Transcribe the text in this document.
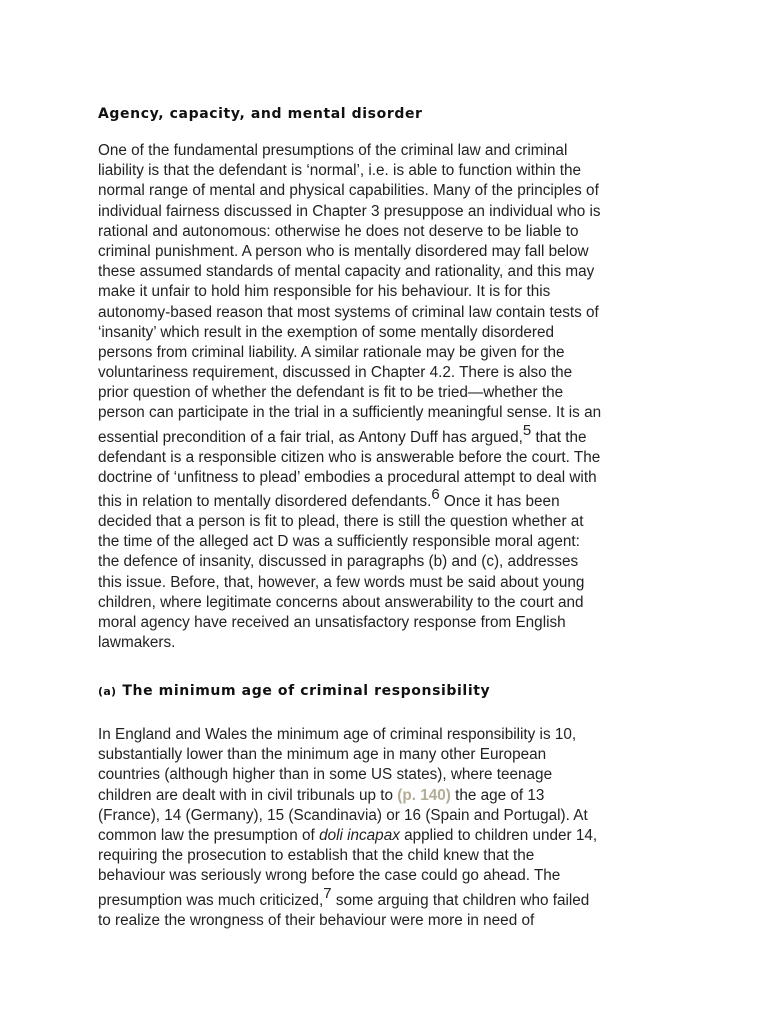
Agency, capacity, and mental disorder
One of the fundamental presumptions of the criminal law and criminal
liability is that the defendant is ‘normal’, i.e. is able to function within the
normal range of mental and physical capabilities. Many of the principles of
individual fairness discussed in Chapter 3 presuppose an individual who is
rational and autonomous: otherwise he does not deserve to be liable to
criminal punishment. A person who is mentally disordered may fall below
these assumed standards of mental capacity and rationality, and this may
make it unfair to hold him responsible for his behaviour. It is for this
autonomy-based reason that most systems of criminal law contain tests of
‘insanity’ which result in the exemption of some mentally disordered
persons from criminal liability. A similar rationale may be given for the
voluntariness requirement, discussed in Chapter 4.2. There is also the
prior question of whether the defendant is fit to be tried—whether the
person can participate in the trial in a sufficiently meaningful sense. It is an
essential precondition of a fair trial, as Antony Duff has argued,5 that the
defendant is a responsible citizen who is answerable before the court. The
doctrine of ‘unfitness to plead’ embodies a procedural attempt to deal with
this in relation to mentally disordered defendants.6 Once it has been
decided that a person is fit to plead, there is still the question whether at
the time of the alleged act D was a sufficiently responsible moral agent:
the defence of insanity, discussed in paragraphs (b) and (c), addresses
this issue. Before, that, however, a few words must be said about young
children, where legitimate concerns about answerability to the court and
moral agency have received an unsatisfactory response from English
lawmakers.
(a) The minimum age of criminal responsibility
In England and Wales the minimum age of criminal responsibility is 10,
substantially lower than the minimum age in many other European
countries (although higher than in some US states), where teenage
children are dealt with in civil tribunals up to (p. 140) the age of 13
(France), 14 (Germany), 15 (Scandinavia) or 16 (Spain and Portugal). At
common law the presumption of doli incapax applied to children under 14,
requiring the prosecution to establish that the child knew that the
behaviour was seriously wrong before the case could go ahead. The
presumption was much criticized,7 some arguing that children who failed
to realize the wrongness of their behaviour were more in need of
